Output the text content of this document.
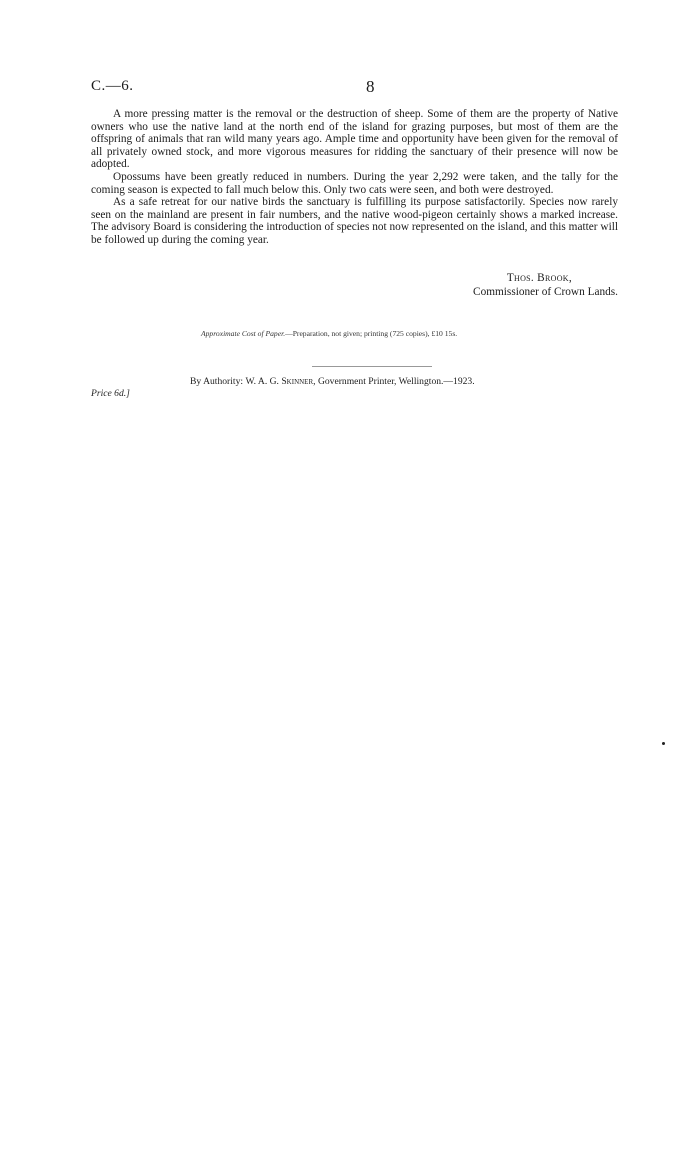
C.—6.	8

A more pressing matter is the removal or the destruction of sheep. Some of them are the property of Native owners who use the native land at the north end of the island for grazing purposes, but most of them are the offspring of animals that ran wild many years ago. Ample time and opportunity have been given for the removal of all privately owned stock, and more vigorous measures for ridding the sanctuary of their presence will now be adopted.

Opossums have been greatly reduced in numbers. During the year 2,292 were taken, and the tally for the coming season is expected to fall much below this. Only two cats were seen, and both were destroyed.

As a safe retreat for our native birds the sanctuary is fulfilling its purpose satisfactorily. Species now rarely seen on the mainland are present in fair numbers, and the native wood-pigeon certainly shows a marked increase. The advisory Board is considering the introduction of species not now represented on the island, and this matter will be followed up during the coming year.

Thos. Brook,
Commissioner of Crown Lands.
Approximate Cost of Paper.—Preparation, not given; printing (725 copies), £10 15s.
By Authority: W. A. G. Skinner, Government Printer, Wellington.—1923.
Price 6d.]
